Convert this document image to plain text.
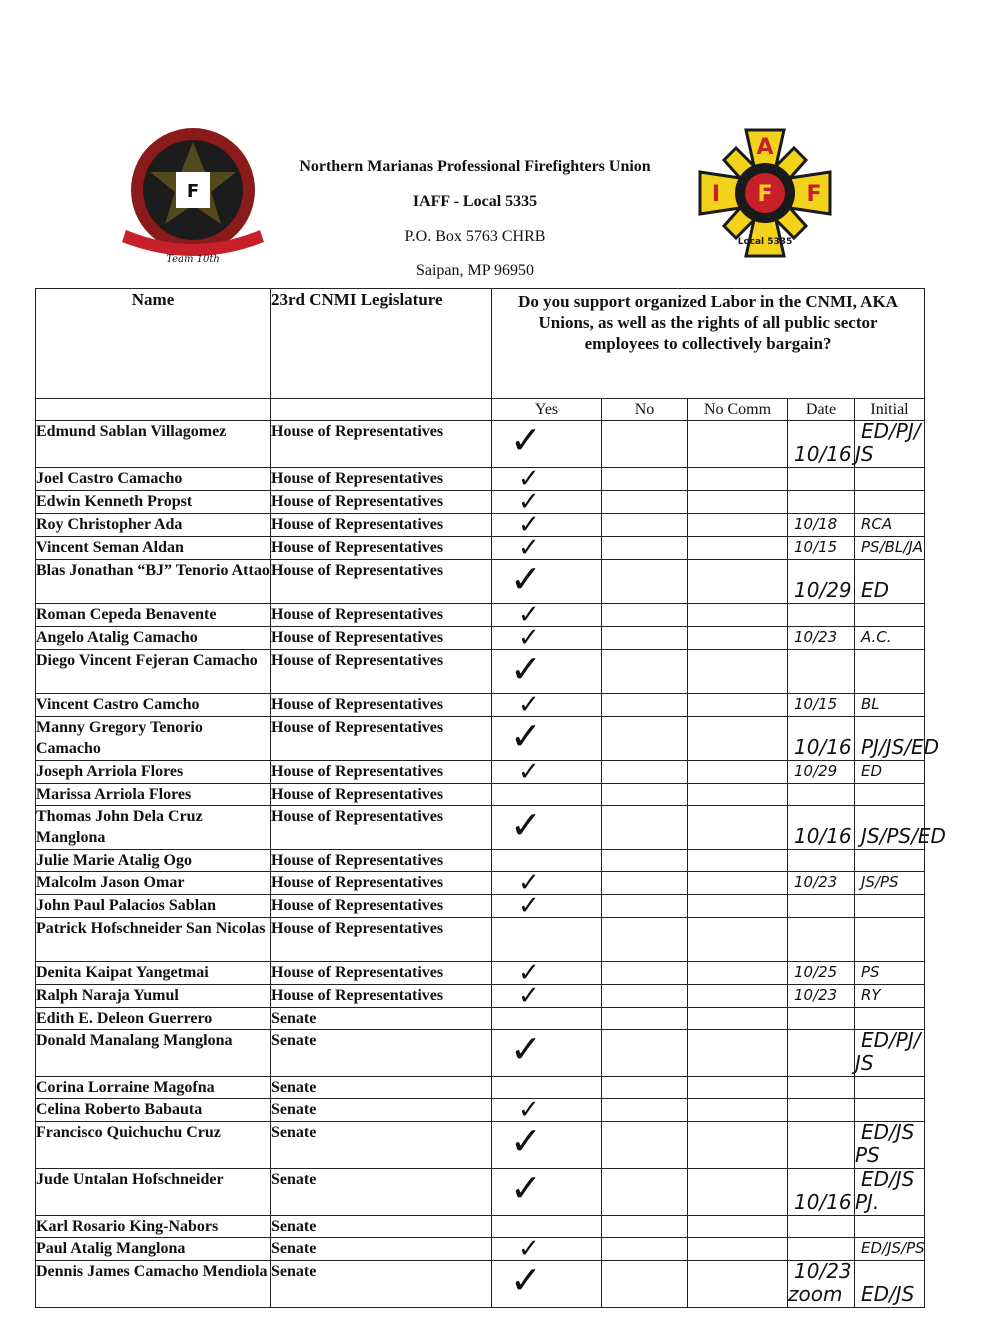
F
Team 10th
Northern Marianas Professional Firefighters Union
IAFF - Local 5335
P.O. Box 5763 CHRB
Saipan, MP 96950
F
A
I	F
Local 5335
Name	23rd CNMI Legislature	Do you support organized Labor in the CNMI, AKA Unions, as well as the rights of all public sector employees to collectively bargain?				
		Yes	No	No Comm	Date	Initial
Edmund Sablan Villagomez	House of Representatives	✓			10/16	ED/PJ/ JS
Joel Castro Camacho	House of Representatives	✓				

Edwin Kenneth Propst	House of Representatives	✓				

Roy Christopher Ada	House of Representatives	✓			10/18	RCA
Vincent Seman Aldan	House of Representatives	✓			10/15	PS/BL/JA
Blas Jonathan “BJ” Tenorio Attao	House of Representatives	✓			10/29	ED
Roman Cepeda Benavente	House of Representatives	✓				

Angelo Atalig Camacho	House of Representatives	✓			10/23	A.C.
Diego Vincent Fejeran Camacho	House of Representatives	✓				

Vincent Castro Camcho	House of Representatives	✓			10/15	BL
Manny Gregory Tenorio Camacho	House of Representatives	✓			10/16	PJ/JS/ED
Joseph Arriola Flores	House of Representatives	✓			10/29	ED
Marissa Arriola Flores	House of Representatives					
Thomas John Dela Cruz Manglona	House of Representatives	✓			10/16	JS/PS/ED
Julie Marie Atalig Ogo	House of Representatives					
Malcolm Jason Omar	House of Representatives	✓			10/23	JS/PS
John Paul Palacios Sablan	House of Representatives	✓				

Patrick Hofschneider San Nicolas	House of Representatives					
Denita Kaipat Yangetmai	House of Representatives	✓			10/25	PS
Ralph Naraja Yumul	House of Representatives	✓			10/23	RY
Edith E. Deleon Guerrero	Senate					
Donald Manalang Manglona	Senate	✓				ED/PJ/ JS
Corina Lorraine Magofna	Senate					
Celina Roberto Babauta	Senate	✓				

Francisco Quichuchu Cruz	Senate	✓				ED/JS PS
Jude Untalan Hofschneider	Senate	✓			10/16	ED/JS PJ.
Karl Rosario King-Nabors	Senate					
Paul Atalig Manglona	Senate	✓				ED/JS/PS
Dennis James Camacho Mendiola	Senate	✓			10/23 zoom	ED/JS
